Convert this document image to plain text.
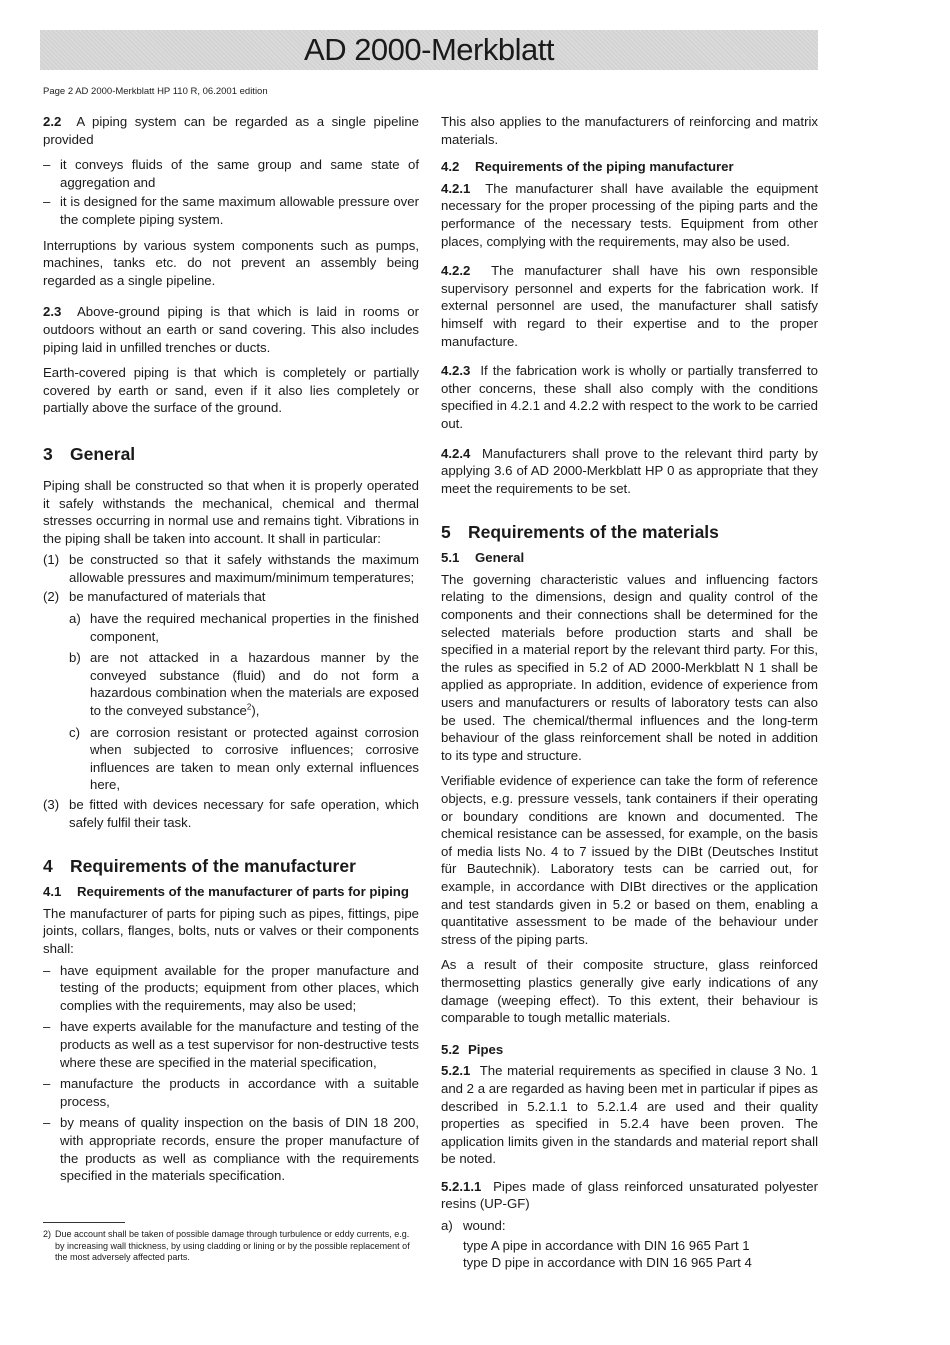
AD 2000-Merkblatt
Page 2 AD 2000-Merkblatt HP 110 R, 06.2001 edition

2.2 A piping system can be regarded as a single pipeline provided

– it conveys fluids of the same group and same state of aggregation and
– it is designed for the same maximum allowable pressure over the complete piping system.

Interruptions by various system components such as pumps, machines, tanks etc. do not prevent an assembly being regarded as a single pipeline.

2.3 Above-ground piping is that which is laid in rooms or outdoors without an earth or sand covering. This also includes piping laid in unfilled trenches or ducts.

Earth-covered piping is that which is completely or partially covered by earth or sand, even if it also lies completely or partially above the surface of the ground.

3 General

Piping shall be constructed so that when it is properly operated it safely withstands the mechanical, chemical and thermal stresses occurring in normal use and remains tight. Vibrations in the piping shall be taken into account. It shall in particular:

(1) be constructed so that it safely withstands the maximum allowable pressures and maximum/minimum temperatures;
(2) be manufactured of materials that
a) have the required mechanical properties in the finished component,
b) are not attacked in a hazardous manner by the conveyed substance (fluid) and do not form a hazardous combination when the materials are exposed to the conveyed substance$^2$),
c) are corrosion resistant or protected against corrosion when subjected to corrosive influences; corrosive influences are taken to mean only external influences here,
(3) be fitted with devices necessary for safe operation, which safely fulfil their task.
4 Requirements of the manufacturer
4.1 Requirements of the manufacturer of parts for piping

The manufacturer of parts for piping such as pipes, fittings, pipe joints, collars, flanges, bolts, nuts or valves or their components shall:

– have equipment available for the proper manufacture and testing of the products; equipment from other places, which complies with the requirements, may also be used;
– have experts available for the manufacture and testing of the products as well as a test supervisor for non-destructive tests where these are specified in the material specification,
– manufacture the products in accordance with a suitable process,
– by means of quality inspection on the basis of DIN 18 200, with appropriate records, ensure the proper manufacture of the products as well as compliance with the requirements specified in the materials specification.
2) Due account shall be taken of possible damage through turbulence or eddy currents, e.g. by increasing wall thickness, by using cladding or lining or by the possible replacement of the most adversely affected parts.

This also applies to the manufacturers of reinforcing and matrix materials.

4.2 Requirements of the piping manufacturer

4.2.1 The manufacturer shall have available the equipment necessary for the proper processing of the piping parts and the performance of the necessary tests. Equipment from other places, complying with the requirements, may also be used.

4.2.2 The manufacturer shall have his own responsible supervisory personnel and experts for the fabrication work. If external personnel are used, the manufacturer shall satisfy himself with regard to their expertise and to the proper manufacture.

4.2.3 If the fabrication work is wholly or partially transferred to other concerns, these shall also comply with the conditions specified in 4.2.1 and 4.2.2 with respect to the work to be carried out.

4.2.4 Manufacturers shall prove to the relevant third party by applying 3.6 of AD 2000-Merkblatt HP 0 as appropriate that they meet the requirements to be set.

5 Requirements of the materials
5.1 General

The governing characteristic values and influencing factors relating to the dimensions, design and quality control of the components and their connections shall be determined for the selected materials before production starts and shall be specified in a material report by the relevant third party. For this, the rules as specified in 5.2 of AD 2000-Merkblatt N 1 shall be applied as appropriate. In addition, evidence of experience from users and manufacturers or results of laboratory tests can also be used. The chemical/thermal influences and the long-term behaviour of the glass reinforcement shall be noted in addition to its type and structure.

Verifiable evidence of experience can take the form of reference objects, e.g. pressure vessels, tank containers if their operating or boundary conditions are known and documented. The chemical resistance can be assessed, for example, on the basis of media lists No. 4 to 7 issued by the DIBt (Deutsches Institut für Bautechnik). Laboratory tests can be carried out, for example, in accordance with DIBt directives or the application and test standards given in 5.2 or based on them, enabling a quantitative assessment to be made of the behaviour under stress of the piping parts.

As a result of their composite structure, glass reinforced thermosetting plastics generally give early indications of any damage (weeping effect). To this extent, their behaviour is comparable to tough metallic materials.

5.2 Pipes

5.2.1 The material requirements as specified in clause 3 No. 1 and 2 a are regarded as having been met in particular if pipes as described in 5.2.1.1 to 5.2.1.4 are used and their quality properties as specified in 5.2.4 have been proven. The application limits given in the standards and material report shall be noted.

5.2.1.1 Pipes made of glass reinforced unsaturated polyester resins (UP-GF)

a) wound:

type A pipe in accordance with DIN 16 965 Part 1

type D pipe in accordance with DIN 16 965 Part 4
